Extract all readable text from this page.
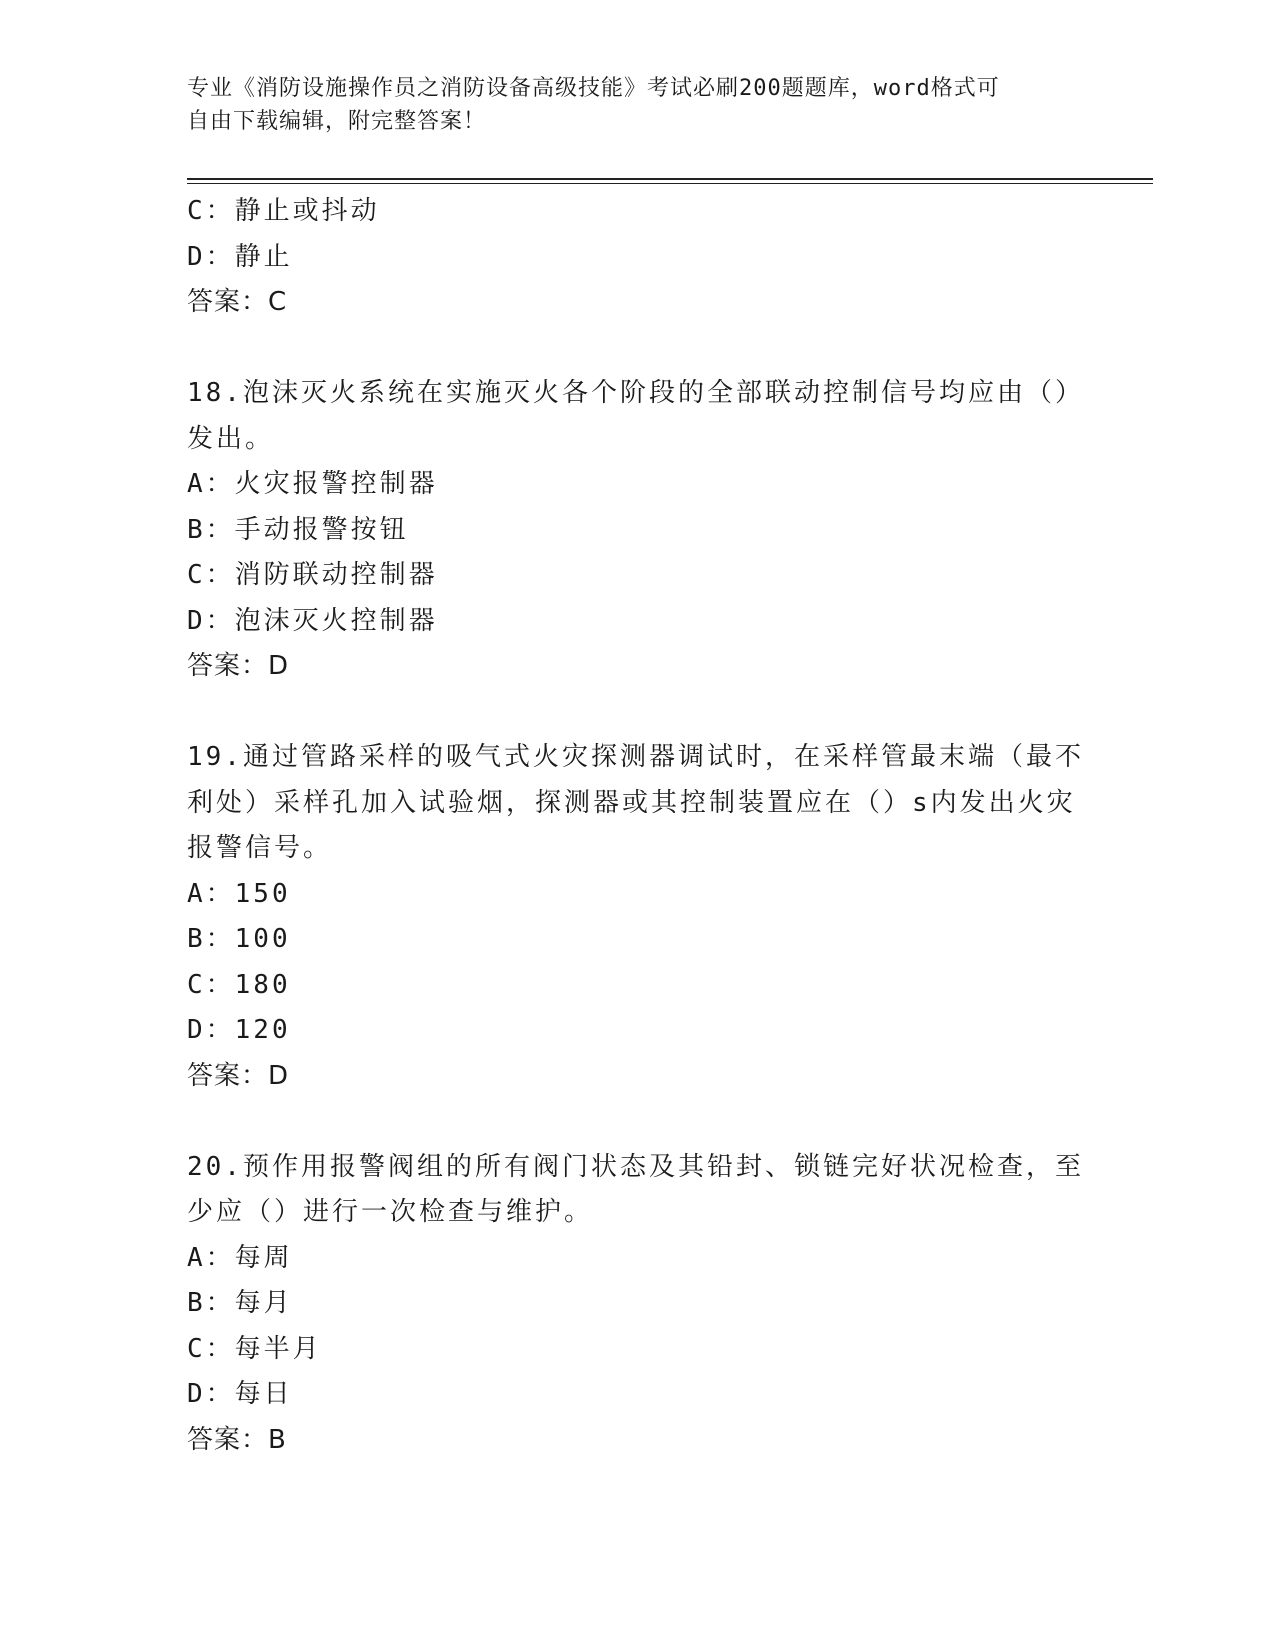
专业《消防设施操作员之消防设备高级技能》考试必刷200题题库，word格式可
自由下载编辑，附完整答案！
C：静止或抖动
D：静止
答案：C
18.泡沫灭火系统在实施灭火各个阶段的全部联动控制信号均应由（）
发出。
A：火灾报警控制器
B：手动报警按钮
C：消防联动控制器
D：泡沫灭火控制器
答案：D
19.通过管路采样的吸气式火灾探测器调试时，在采样管最末端（最不
利处）采样孔加入试验烟，探测器或其控制装置应在（）s内发出火灾
报警信号。
A：150
B：100
C：180
D：120
答案：D
20.预作用报警阀组的所有阀门状态及其铅封、锁链完好状况检查，至
少应（）进行一次检查与维护。
A：每周
B：每月
C：每半月
D：每日
答案：B
